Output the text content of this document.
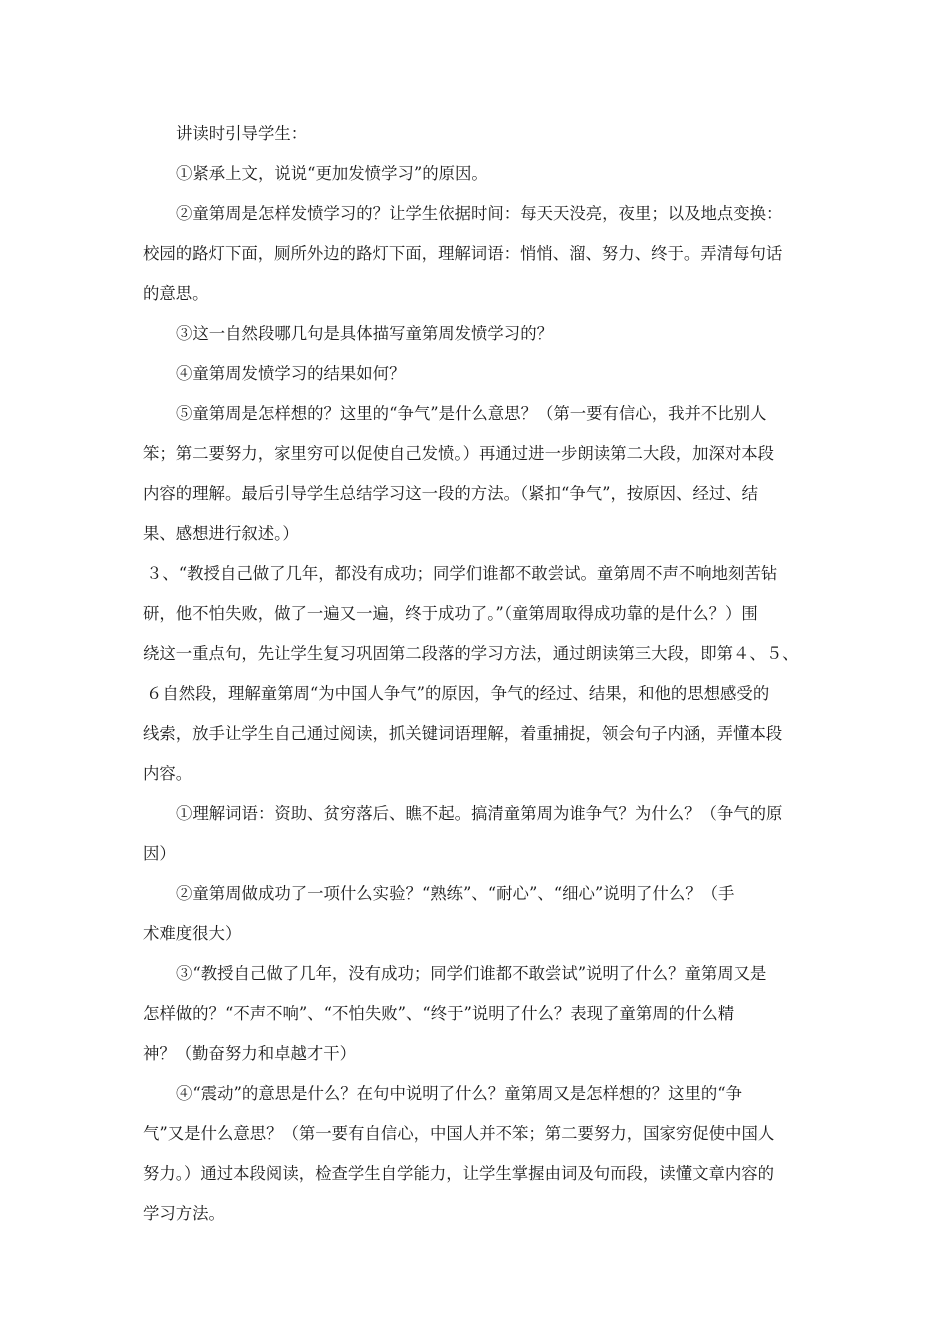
讲读时引导学生：
①紧承上文，说说“更加发愤学习”的原因。
②童第周是怎样发愤学习的？让学生依据时间：每天天没亮，夜里；以及地点变换：
校园的路灯下面，厕所外边的路灯下面，理解词语：悄悄、溜、努力、终于。弄清每句话
的意思。
③这一自然段哪几句是具体描写童第周发愤学习的？
④童第周发愤学习的结果如何？
⑤童第周是怎样想的？这里的“争气”是什么意思？（第一要有信心，我并不比别人
笨；第二要努力，家里穷可以促使自己发愤。）再通过进一步朗读第二大段，加深对本段
内容的理解。最后引导学生总结学习这一段的方法。（紧扣“争气”，按原因、经过、结
果、感想进行叙述。）
３、“教授自己做了几年，都没有成功；同学们谁都不敢尝试。童第周不声不响地刻苦钻
研，他不怕失败，做了一遍又一遍，终于成功了。”（童第周取得成功靠的是什么？）围
绕这一重点句，先让学生复习巩固第二段落的学习方法，通过朗读第三大段，即第４、５、
６自然段，理解童第周“为中国人争气”的原因，争气的经过、结果，和他的思想感受的
线索，放手让学生自己通过阅读，抓关键词语理解，着重捕捉，领会句子内涵，弄懂本段
内容。
①理解词语：资助、贫穷落后、瞧不起。搞清童第周为谁争气？为什么？（争气的原
因）
②童第周做成功了一项什么实验？“熟练”、“耐心”、“细心”说明了什么？（手
术难度很大）
③“教授自己做了几年，没有成功；同学们谁都不敢尝试”说明了什么？童第周又是
怎样做的？“不声不响”、“不怕失败”、“终于”说明了什么？表现了童第周的什么精
神？（勤奋努力和卓越才干）
④“震动”的意思是什么？在句中说明了什么？童第周又是怎样想的？这里的“争
气”又是什么意思？（第一要有自信心，中国人并不笨；第二要努力，国家穷促使中国人
努力。）通过本段阅读，检查学生自学能力，让学生掌握由词及句而段，读懂文章内容的
学习方法。
